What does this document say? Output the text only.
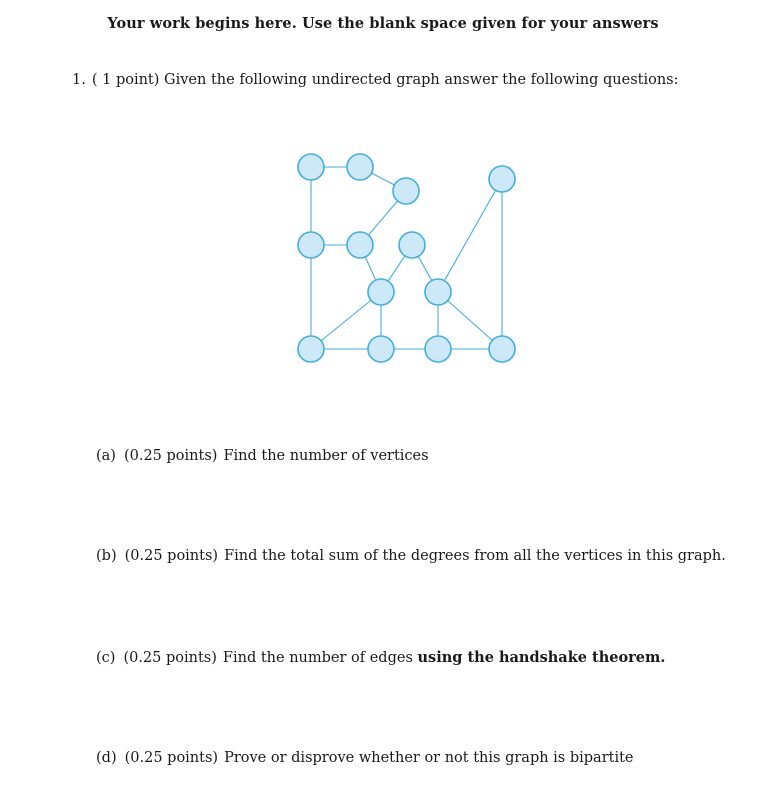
Your work begins here. Use the blank space given for your answers
1. ( 1 point) Given the following undirected graph answer the following questions:
(a) (0.25 points) Find the number of vertices
(b) (0.25 points) Find the total sum of the degrees from all the vertices in this graph.
(c) (0.25 points) Find the number of edges using the handshake theorem.
(d) (0.25 points) Prove or disprove whether or not this graph is bipartite
